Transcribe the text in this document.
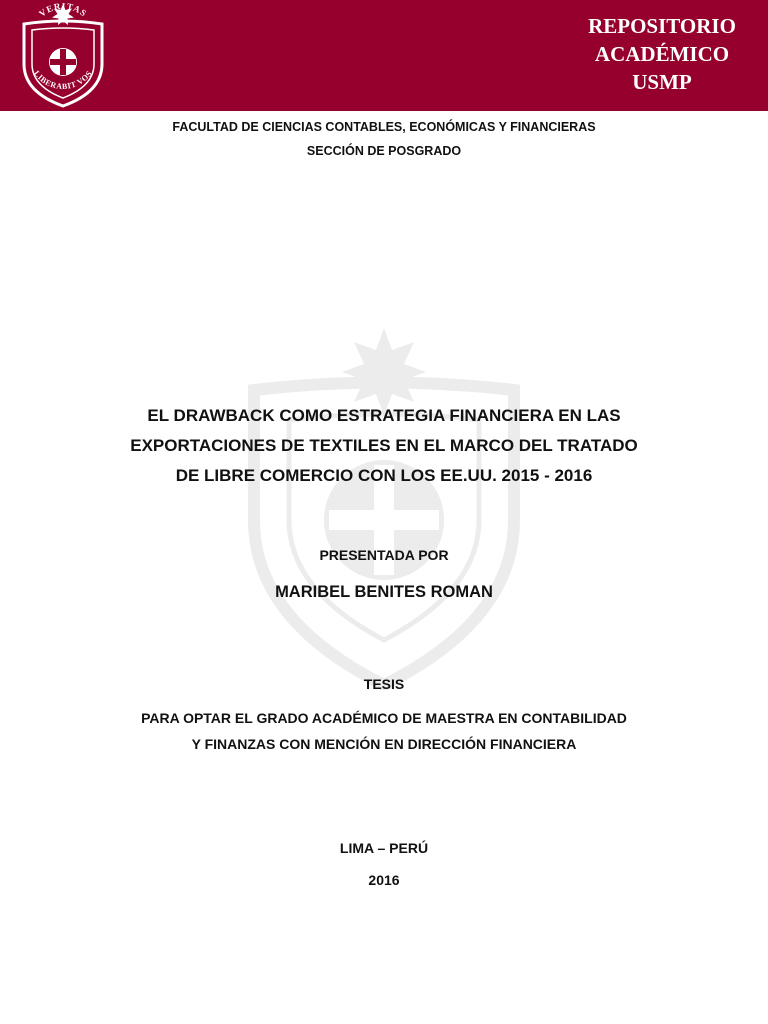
VERITAS
LIBERABIT VOS
REPOSITORIO
ACADÉMICO
USMP
FACULTAD DE CIENCIAS CONTABLES, ECONÓMICAS Y FINANCIERAS
SECCIÓN DE POSGRADO
EL DRAWBACK COMO ESTRATEGIA FINANCIERA EN LAS
EXPORTACIONES DE TEXTILES EN EL MARCO DEL TRATADO
DE LIBRE COMERCIO CON LOS EE.UU. 2015 - 2016
PRESENTADA POR
MARIBEL BENITES ROMAN
TESIS
PARA OPTAR EL GRADO ACADÉMICO DE MAESTRA EN CONTABILIDAD
Y FINANZAS CON MENCIÓN EN DIRECCIÓN FINANCIERA
LIMA – PERÚ
2016
